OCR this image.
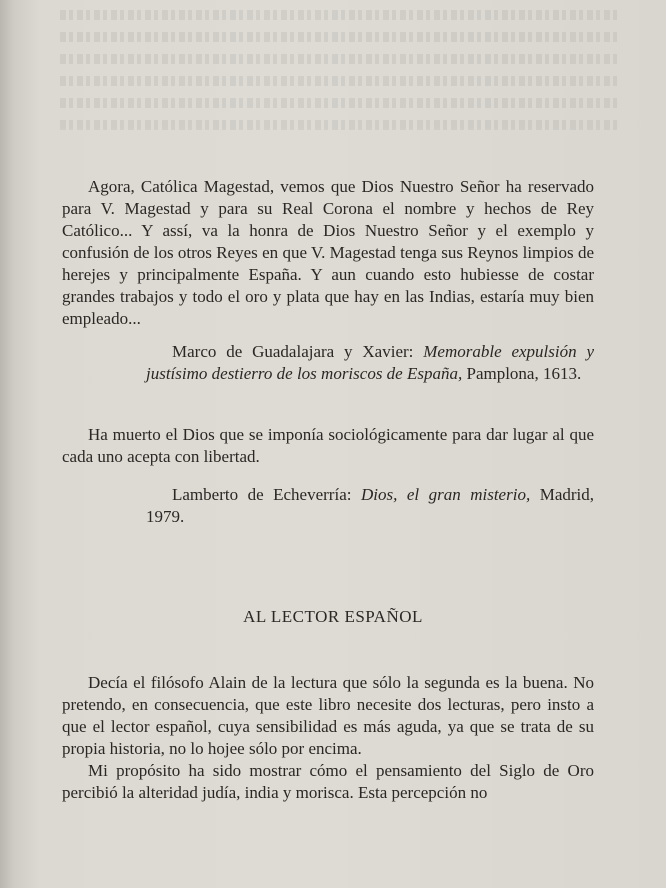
Agora, Católica Magestad, vemos que Dios Nuestro Señor ha reservado para V. Magestad y para su Real Corona el nombre y hechos de Rey Católico... Y assí, va la honra de Dios Nuestro Señor y el exemplo y confusión de los otros Reyes en que V. Magestad tenga sus Reynos limpios de herejes y principalmente España. Y aun cuando esto hubiesse de costar grandes trabajos y todo el oro y plata que hay en las Indias, estaría muy bien empleado...

Marco de Guadalajara y Xavier: Memorable expulsión y justísimo destierro de los moriscos de España, Pamplona, 1613.

Ha muerto el Dios que se imponía sociológicamente para dar lugar al que cada uno acepta con libertad.

Lamberto de Echeverría: Dios, el gran misterio, Madrid, 1979.

AL LECTOR ESPAÑOL

Decía el filósofo Alain de la lectura que sólo la segunda es la buena. No pretendo, en consecuencia, que este libro necesite dos lecturas, pero insto a que el lector español, cuya sensibilidad es más aguda, ya que se trata de su propia historia, no lo hojee sólo por encima.

Mi propósito ha sido mostrar cómo el pensamiento del Siglo de Oro percibió la alteridad judía, india y morisca. Esta percepción no
